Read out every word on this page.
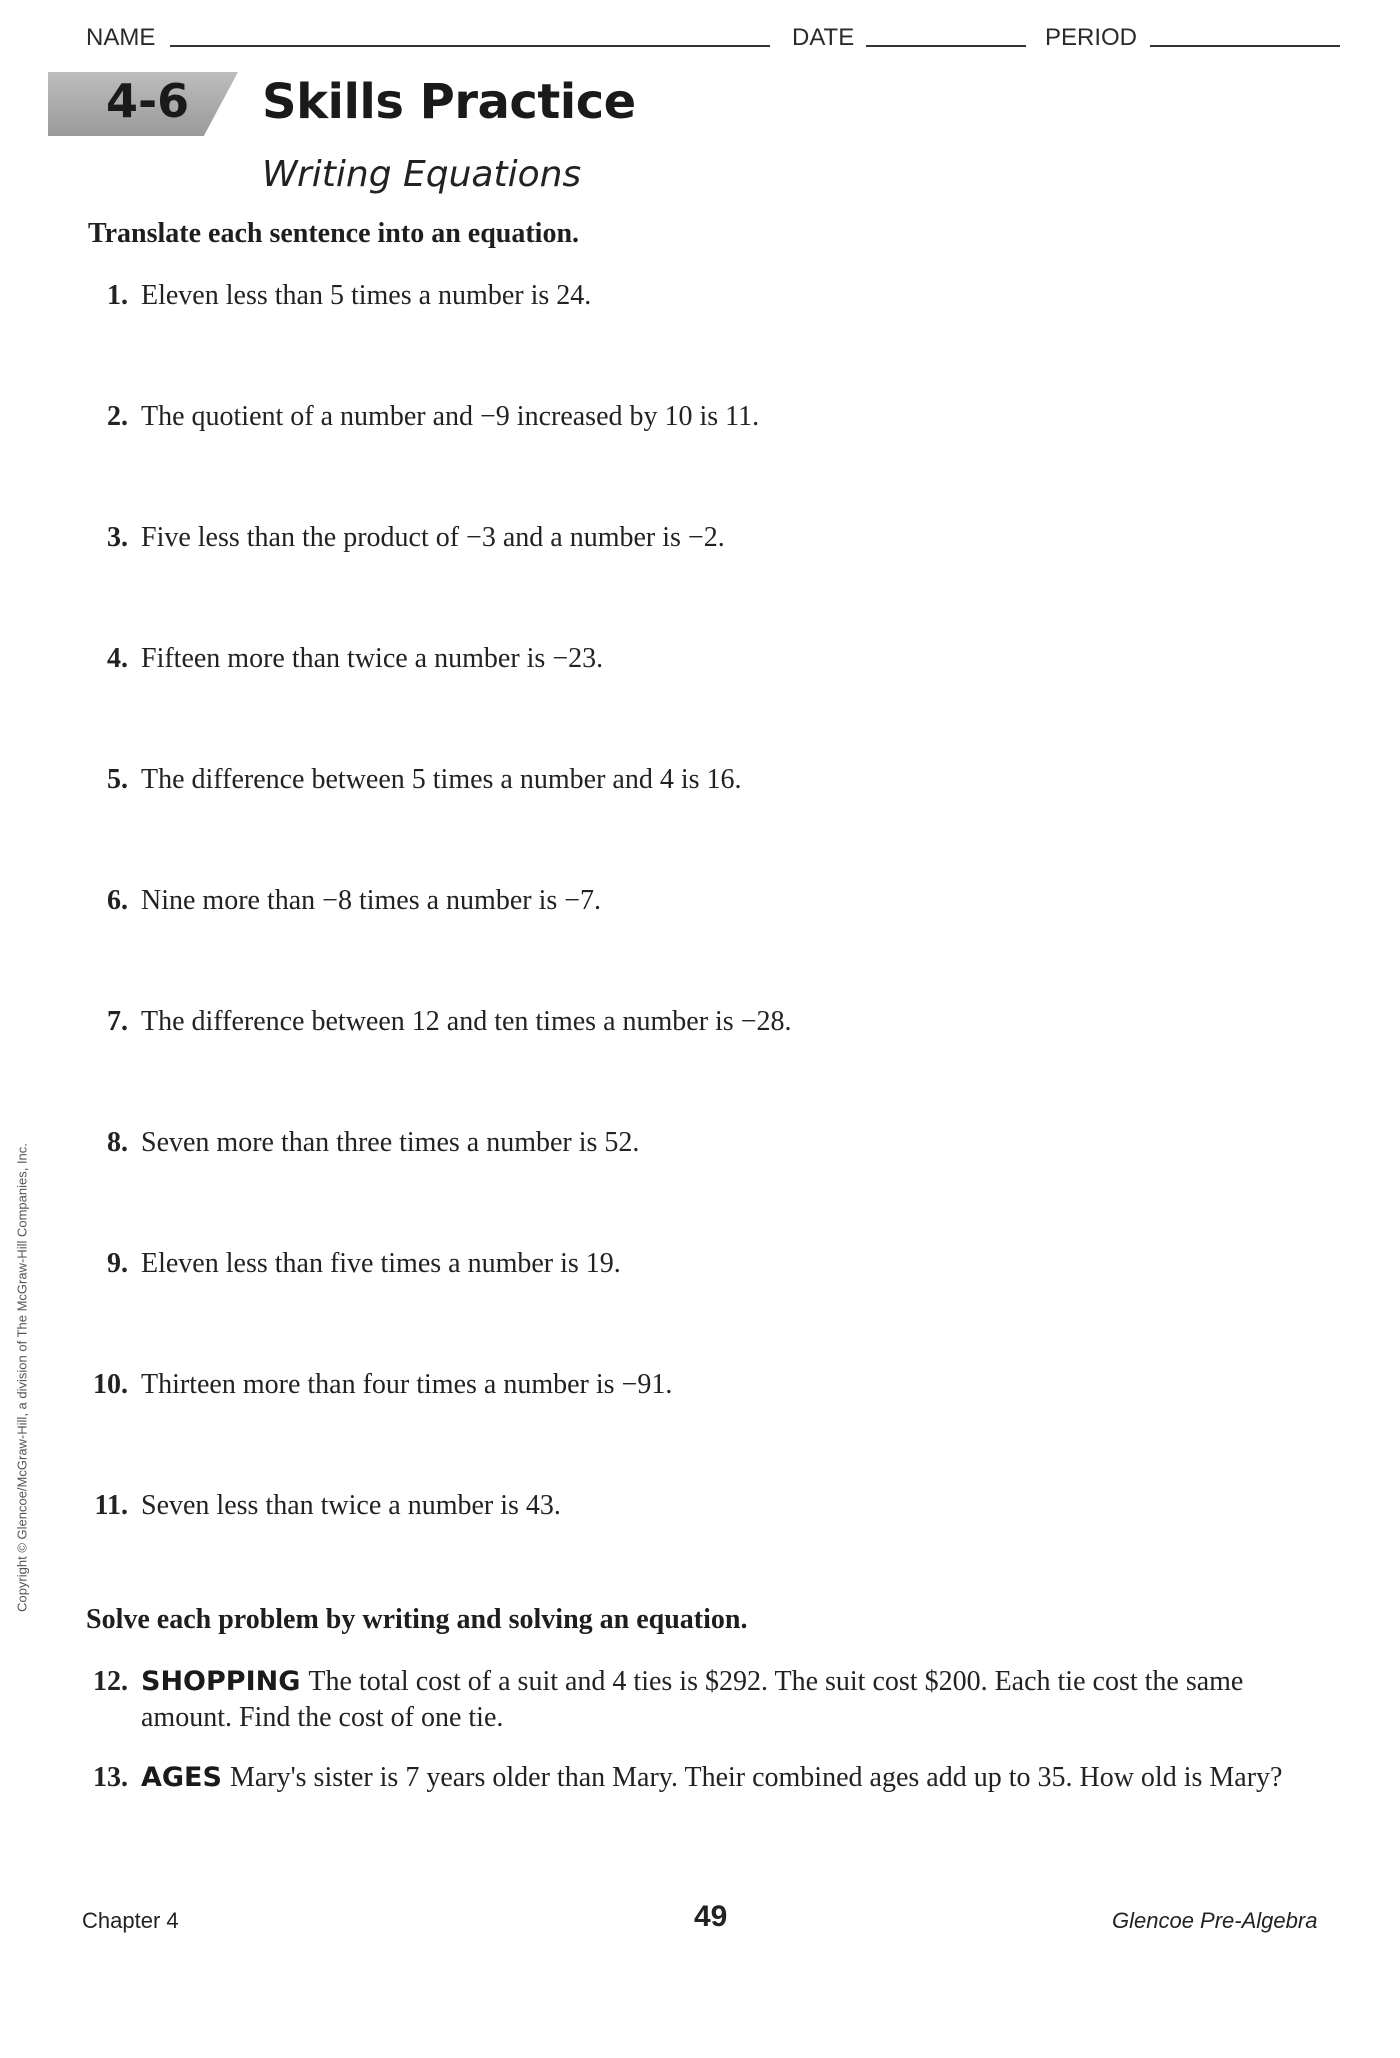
NAME	DATE	PERIOD
4-6 Skills Practice
Writing Equations
Translate each sentence into an equation.
1. Eleven less than 5 times a number is 24.
2. The quotient of a number and −9 increased by 10 is 11.
3. Five less than the product of −3 and a number is −2.
4. Fifteen more than twice a number is −23.
5. The difference between 5 times a number and 4 is 16.
6. Nine more than −8 times a number is −7.
7. The difference between 12 and ten times a number is −28.
8. Seven more than three times a number is 52.
9. Eleven less than five times a number is 19.
10. Thirteen more than four times a number is −91.
11. Seven less than twice a number is 43.
Solve each problem by writing and solving an equation.
12. SHOPPING The total cost of a suit and 4 ties is $292. The suit cost $200. Each tie cost the same amount. Find the cost of one tie.
13. AGES Mary's sister is 7 years older than Mary. Their combined ages add up to 35. How old is Mary?
Chapter 4	49	Glencoe Pre-Algebra
Copyright © Glencoe/McGraw-Hill, a division of The McGraw-Hill Companies, Inc.
